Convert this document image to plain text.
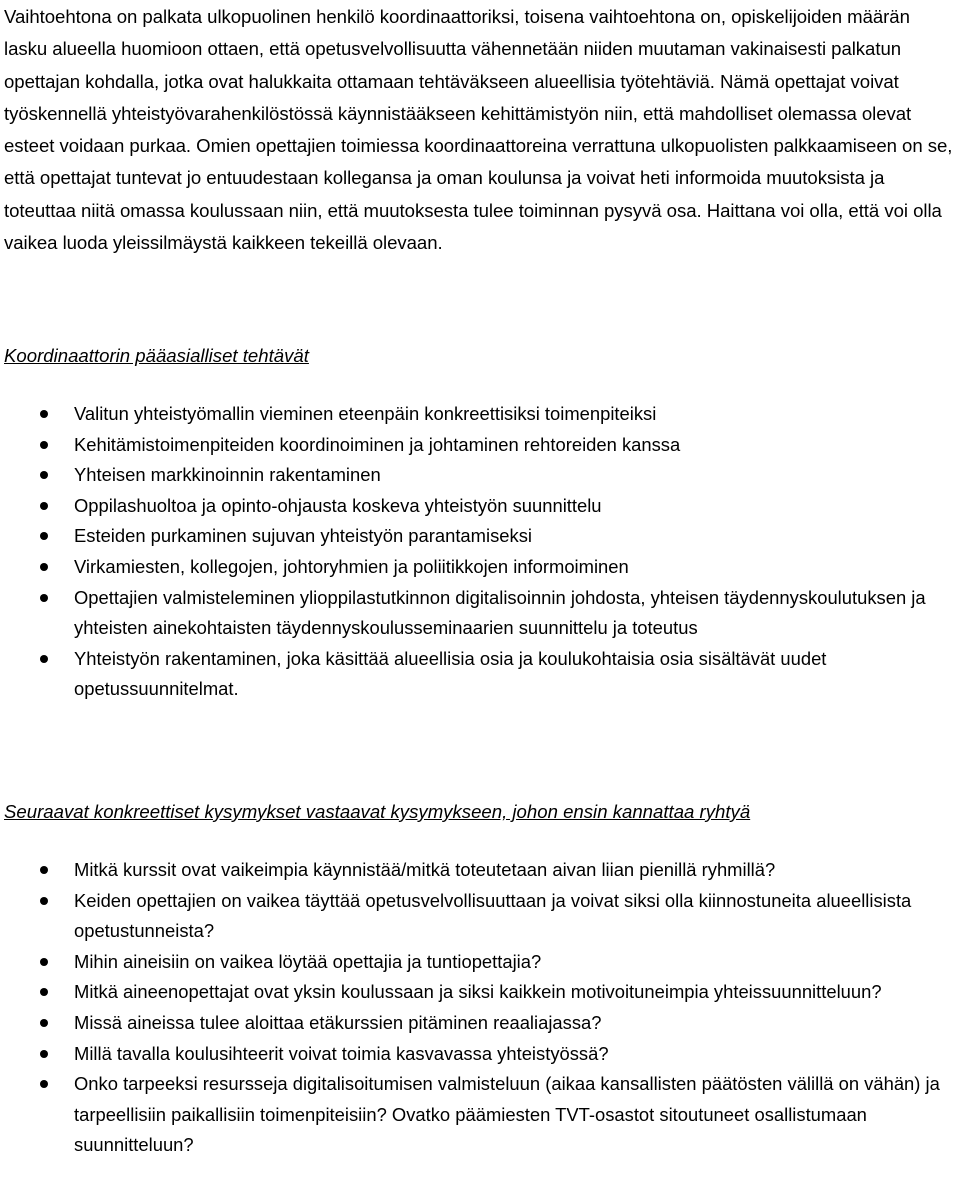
Vaihtoehtona on palkata ulkopuolinen henkilö koordinaattoriksi, toisena vaihtoehtona on, opiskelijoiden määrän lasku alueella huomioon ottaen, että opetusvelvollisuutta vähennetään niiden muutaman vakinaisesti palkatun opettajan kohdalla, jotka ovat halukkaita ottamaan tehtäväkseen alueellisia työtehtäviä. Nämä opettajat voivat työskennellä yhteistyövarahenkilöstössä käynnistääkseen kehittämistyön niin, että mahdolliset olemassa olevat esteet voidaan purkaa. Omien opettajien toimiessa koordinaattoreina verrattuna ulkopuolisten palkkaamiseen on se, että opettajat tuntevat jo entuudestaan kollegansa ja oman koulunsa ja voivat heti informoida muutoksista ja toteuttaa niitä omassa koulussaan niin, että muutoksesta tulee toiminnan pysyvä osa. Haittana voi olla, että voi olla vaikea luoda yleissilmäystä kaikkeen tekeillä olevaan.

Koordinaattorin pääasialliset tehtävät

Valitun yhteistyömallin vieminen eteenpäin konkreettisiksi toimenpiteiksi
Kehitämistoimenpiteiden koordinoiminen ja johtaminen rehtoreiden kanssa
Yhteisen markkinoinnin rakentaminen
Oppilashuoltoa ja opinto-ohjausta koskeva yhteistyön suunnittelu
Esteiden purkaminen sujuvan yhteistyön parantamiseksi
Virkamiesten, kollegojen, johtoryhmien ja poliitikkojen informoiminen
Opettajien valmisteleminen ylioppilastutkinnon digitalisoinnin johdosta, yhteisen täydennyskoulutuksen ja yhteisten ainekohtaisten täydennyskoulusseminaarien suunnittelu ja toteutus
Yhteistyön rakentaminen, joka käsittää alueellisia osia ja koulukohtaisia osia sisältävät uudet opetussuunnitelmat.

Seuraavat konkreettiset kysymykset vastaavat kysymykseen, johon ensin kannattaa ryhtyä

Mitkä kurssit ovat vaikeimpia käynnistää/mitkä toteutetaan aivan liian pienillä ryhmillä?
Keiden opettajien on vaikea täyttää opetusvelvollisuuttaan ja voivat siksi olla kiinnostuneita alueellisista opetustunneista?
Mihin aineisiin on vaikea löytää opettajia ja tuntiopettajia?
Mitkä aineenopettajat ovat yksin koulussaan ja siksi kaikkein motivoituneimpia yhteissuunnitteluun?
Missä aineissa tulee aloittaa etäkurssien pitäminen reaaliajassa?
Millä tavalla koulusihteerit voivat toimia kasvavassa yhteistyössä?
Onko tarpeeksi resursseja digitalisoitumisen valmisteluun (aikaa kansallisten päätösten välillä on vähän) ja tarpeellisiin paikallisiin toimenpiteisiin? Ovatko päämiesten TVT-osastot sitoutuneet osallistumaan suunnitteluun?
